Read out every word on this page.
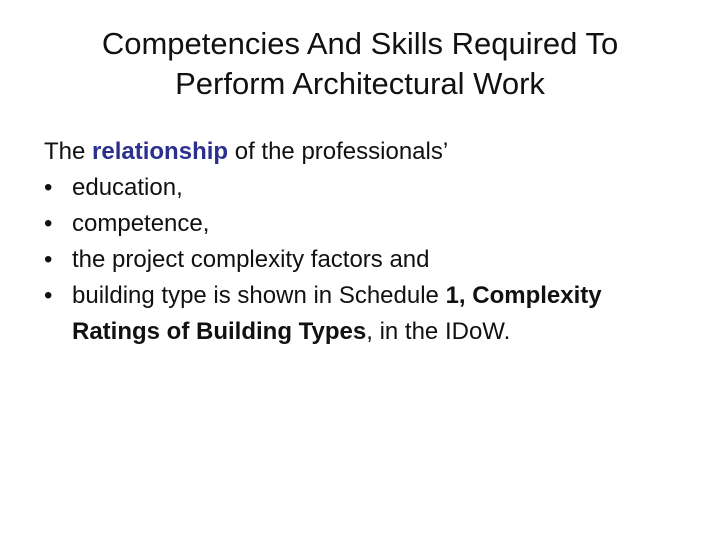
Competencies And Skills Required To
Perform Architectural Work

The relationship of the professionals’

• education,
• competence,
• the project complexity factors and
• building type is shown in Schedule 1, Complexity Ratings of Building Types, in the IDoW.
